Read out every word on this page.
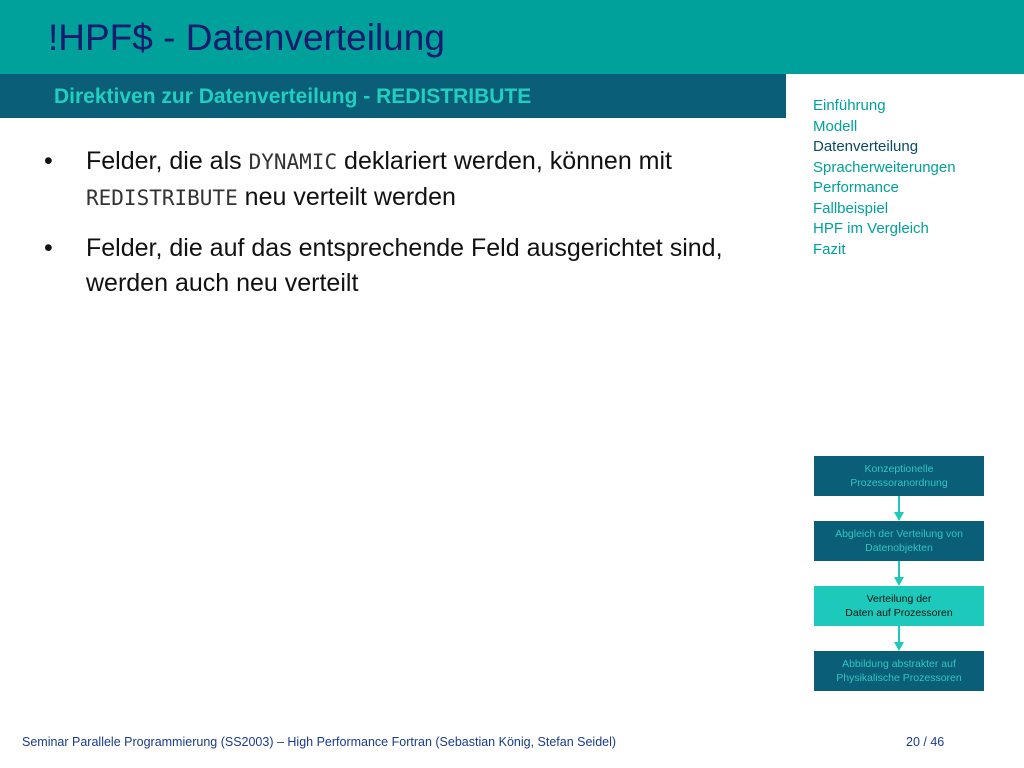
!HPF$ - Datenverteilung
Direktiven zur Datenverteilung - REDISTRIBUTE
•	Felder, die als DYNAMIC deklariert werden, können mit REDISTRIBUTE neu verteilt werden
•	Felder, die auf das entsprechende Feld ausgerichtet sind, werden auch neu verteilt
Einführung
Modell
Datenverteilung
Spracherweiterungen
Performance
Fallbeispiel
HPF im Vergleich
Fazit
Konzeptionelle
Prozessoranordnung
Abgleich der Verteilung von
Datenobjekten
Verteilung der
Daten auf Prozessoren
Abbildung abstrakter auf
Physikalische Prozessoren
Seminar Parallele Programmierung (SS2003) – High Performance Fortran (Sebastian König, Stefan Seidel)	20 / 46
